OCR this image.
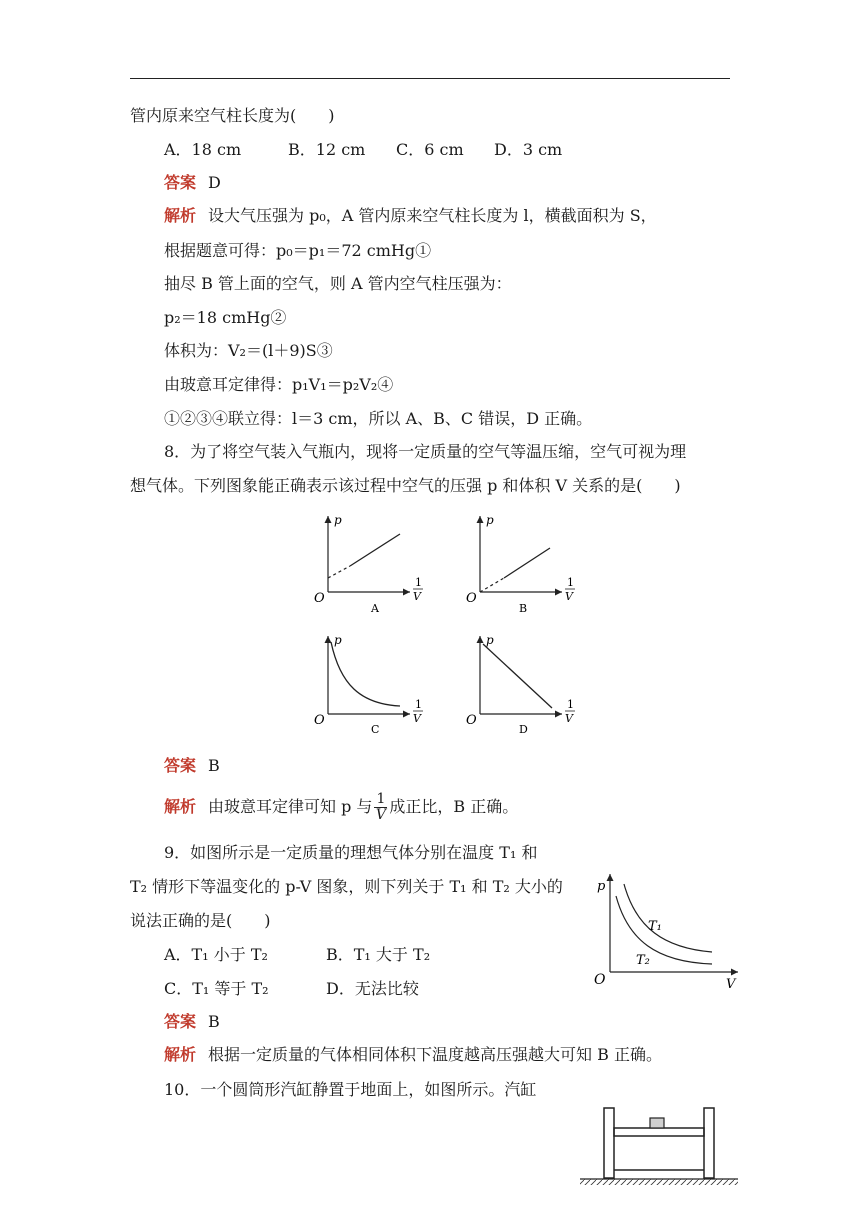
管内原来空气柱长度为(　　)
A．18 cm	B．12 cm C．6 cm D．3 cm
答案 D
解析 设大气压强为 p₀，A 管内原来空气柱长度为 l，横截面积为 S，
根据题意可得：p₀＝p₁＝72 cmHg①
抽尽 B 管上面的空气，则 A 管内空气柱压强为：
p₂＝18 cmHg②
体积为：V₂＝(l＋9)S③
由玻意耳定律得：p₁V₁＝p₂V₂④
①②③④联立得：l＝3 cm，所以 A、B、C 错误，D 正确。
8．为了将空气装入气瓶内，现将一定质量的空气等温压缩，空气可视为理
想气体。下列图象能正确表示该过程中空气的压强 p 和体积 V 关系的是(　　)
p
O
1
V
A
p
O
1
V
B
p
O
1
V
C
p
O
1
V
D
答案 B
解析 由玻意耳定律可知 p 与 $\frac{1}{V}$ 成正比，B 正确。
9．如图所示是一定质量的理想气体分别在温度 T₁ 和
T₂ 情形下等温变化的 p-V 图象，则下列关于 T₁ 和 T₂ 大小的
说法正确的是(　　)
A．T₁ 小于 T₂	B．T₁ 大于 T₂
C．T₁ 等于 T₂	D．无法比较
p
O	V
T₁
T₂
答案 B
解析 根据一定质量的气体相同体积下温度越高压强越大可知 B 正确。
10．一个圆筒形汽缸静置于地面上，如图所示。汽缸
